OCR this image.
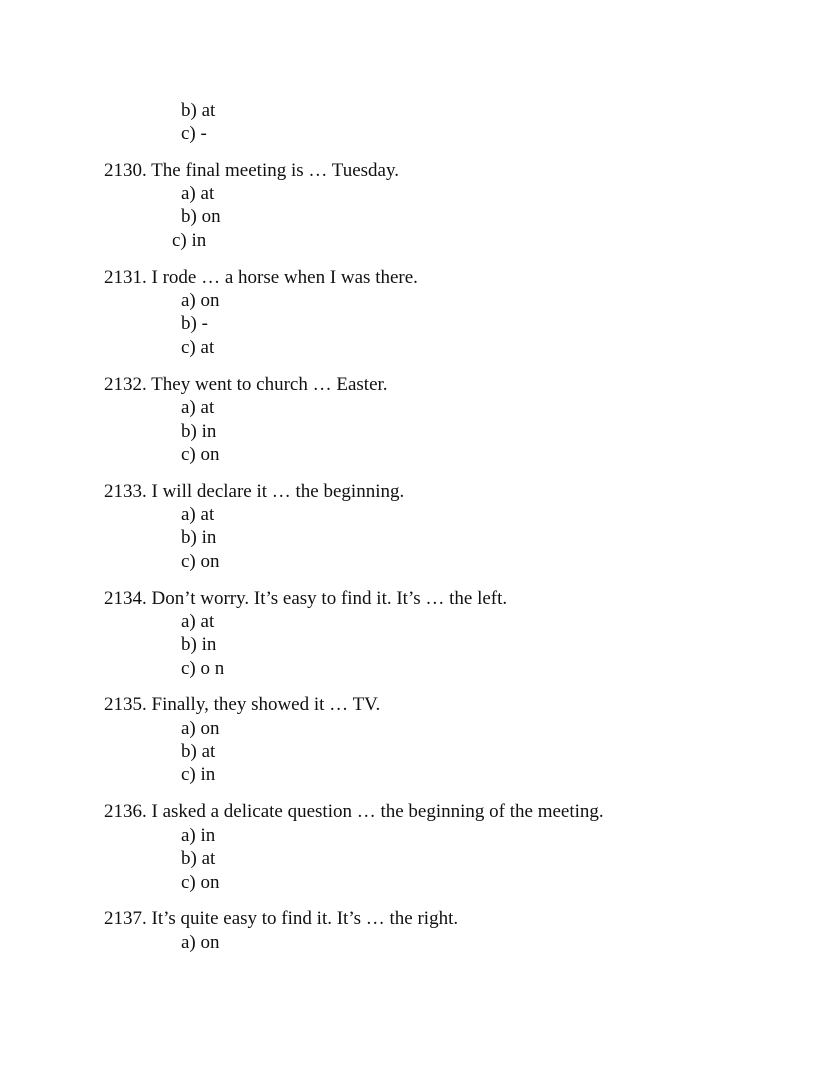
b) at
c) -
2130. The final meeting is … Tuesday.
a) at
b) on
c) in
2131. I rode … a horse when I was there.
a) on
b) -
c) at
2132. They went to church … Easter.
a) at
b) in
c) on
2133. I will declare it … the beginning.
a) at
b) in
c) on
2134. Don’t worry. It’s easy to find it. It’s … the left.
a) at
b) in
c) o n
2135. Finally, they showed it … TV.
a) on
b) at
c) in
2136. I asked a delicate question … the beginning of the meeting.
a) in
b) at
c) on
2137. It’s quite easy to find it. It’s … the right.
a) on
